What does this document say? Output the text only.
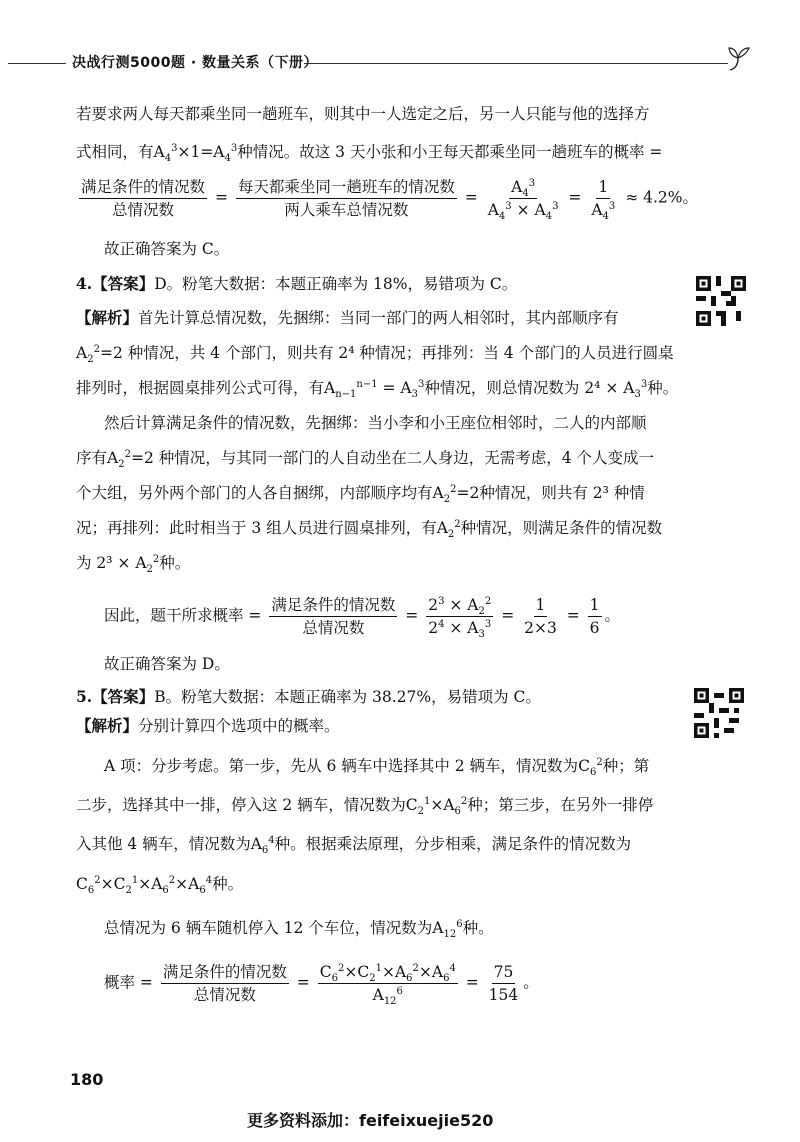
决战行测5000题 · 数量关系（下册）
若要求两人每天都乘坐同一趟班车，则其中一人选定之后，另一人只能与他的选择方
式相同，有$A_4^3\times 1=A_4^3$种情况。故这 3 天小张和小王每天都乘坐同一趟班车的概率 =
$\frac{\text{满足条件的情况数}}{\text{总情况数}} = \frac{\text{每天都乘坐同一趟班车的情况数}}{\text{两人乘车总情况数}} = \frac{A_4^3}{A_4^3 \times A_4^3} = \frac{1}{A_4^3} \approx 4.2\%$。
故正确答案为 C。
4.【答案】D。粉笔大数据：本题正确率为 18%，易错项为 C。
【解析】首先计算总情况数，先捆绑：当同一部门的两人相邻时，其内部顺序有
$A_2^2=2$ 种情况，共 4 个部门，则共有 2⁴ 种情况；再排列：当 4 个部门的人员进行圆桌
排列时，根据圆桌排列公式可得，有$A_{n-1}^{n-1} = A_3^3$种情况，则总情况数为 $2^4 \times A_3^3$种。
然后计算满足条件的情况数，先捆绑：当小李和小王座位相邻时，二人的内部顺
序有$A_2^2=2$ 种情况，与其同一部门的人自动坐在二人身边，无需考虑，4 个人变成一
个大组，另外两个部门的人各自捆绑，内部顺序均有$A_2^2=2$种情况，则共有 2³ 种情
况；再排列：此时相当于 3 组人员进行圆桌排列，有$A_2^2$种情况，则满足条件的情况数
为 $2^3 \times A_2^2$种。
因此，题干所求概率 = $\frac{\text{满足条件的情况数}}{\text{总情况数}} = \frac{2^3 \times A_2^2}{2^4 \times A_3^3} = \frac{1}{2\times 3} = \frac{1}{6}$ 。
故正确答案为 D。
5.【答案】B。粉笔大数据：本题正确率为 38.27%，易错项为 C。
【解析】分别计算四个选项中的概率。
A 项：分步考虑。第一步，先从 6 辆车中选择其中 2 辆车，情况数为$C_6^2$种；第
二步，选择其中一排，停入这 2 辆车，情况数为$C_2^1\times A_6^2$种；第三步，在另外一排停
入其他 4 辆车，情况数为$A_6^4$种。根据乘法原理，分步相乘，满足条件的情况数为
$C_6^2\times C_2^1\times A_6^2\times A_6^4$种。
总情况为 6 辆车随机停入 12 个车位，情况数为$A_{12}^6$种。
概率 = $\frac{\text{满足条件的情况数}}{\text{总情况数}} = \frac{C_6^2\times C_2^1\times A_6^2\times A_6^4}{A_{12}^6} = \frac{75}{154}$ 。
180
更多资料添加：feifeixuejie520
